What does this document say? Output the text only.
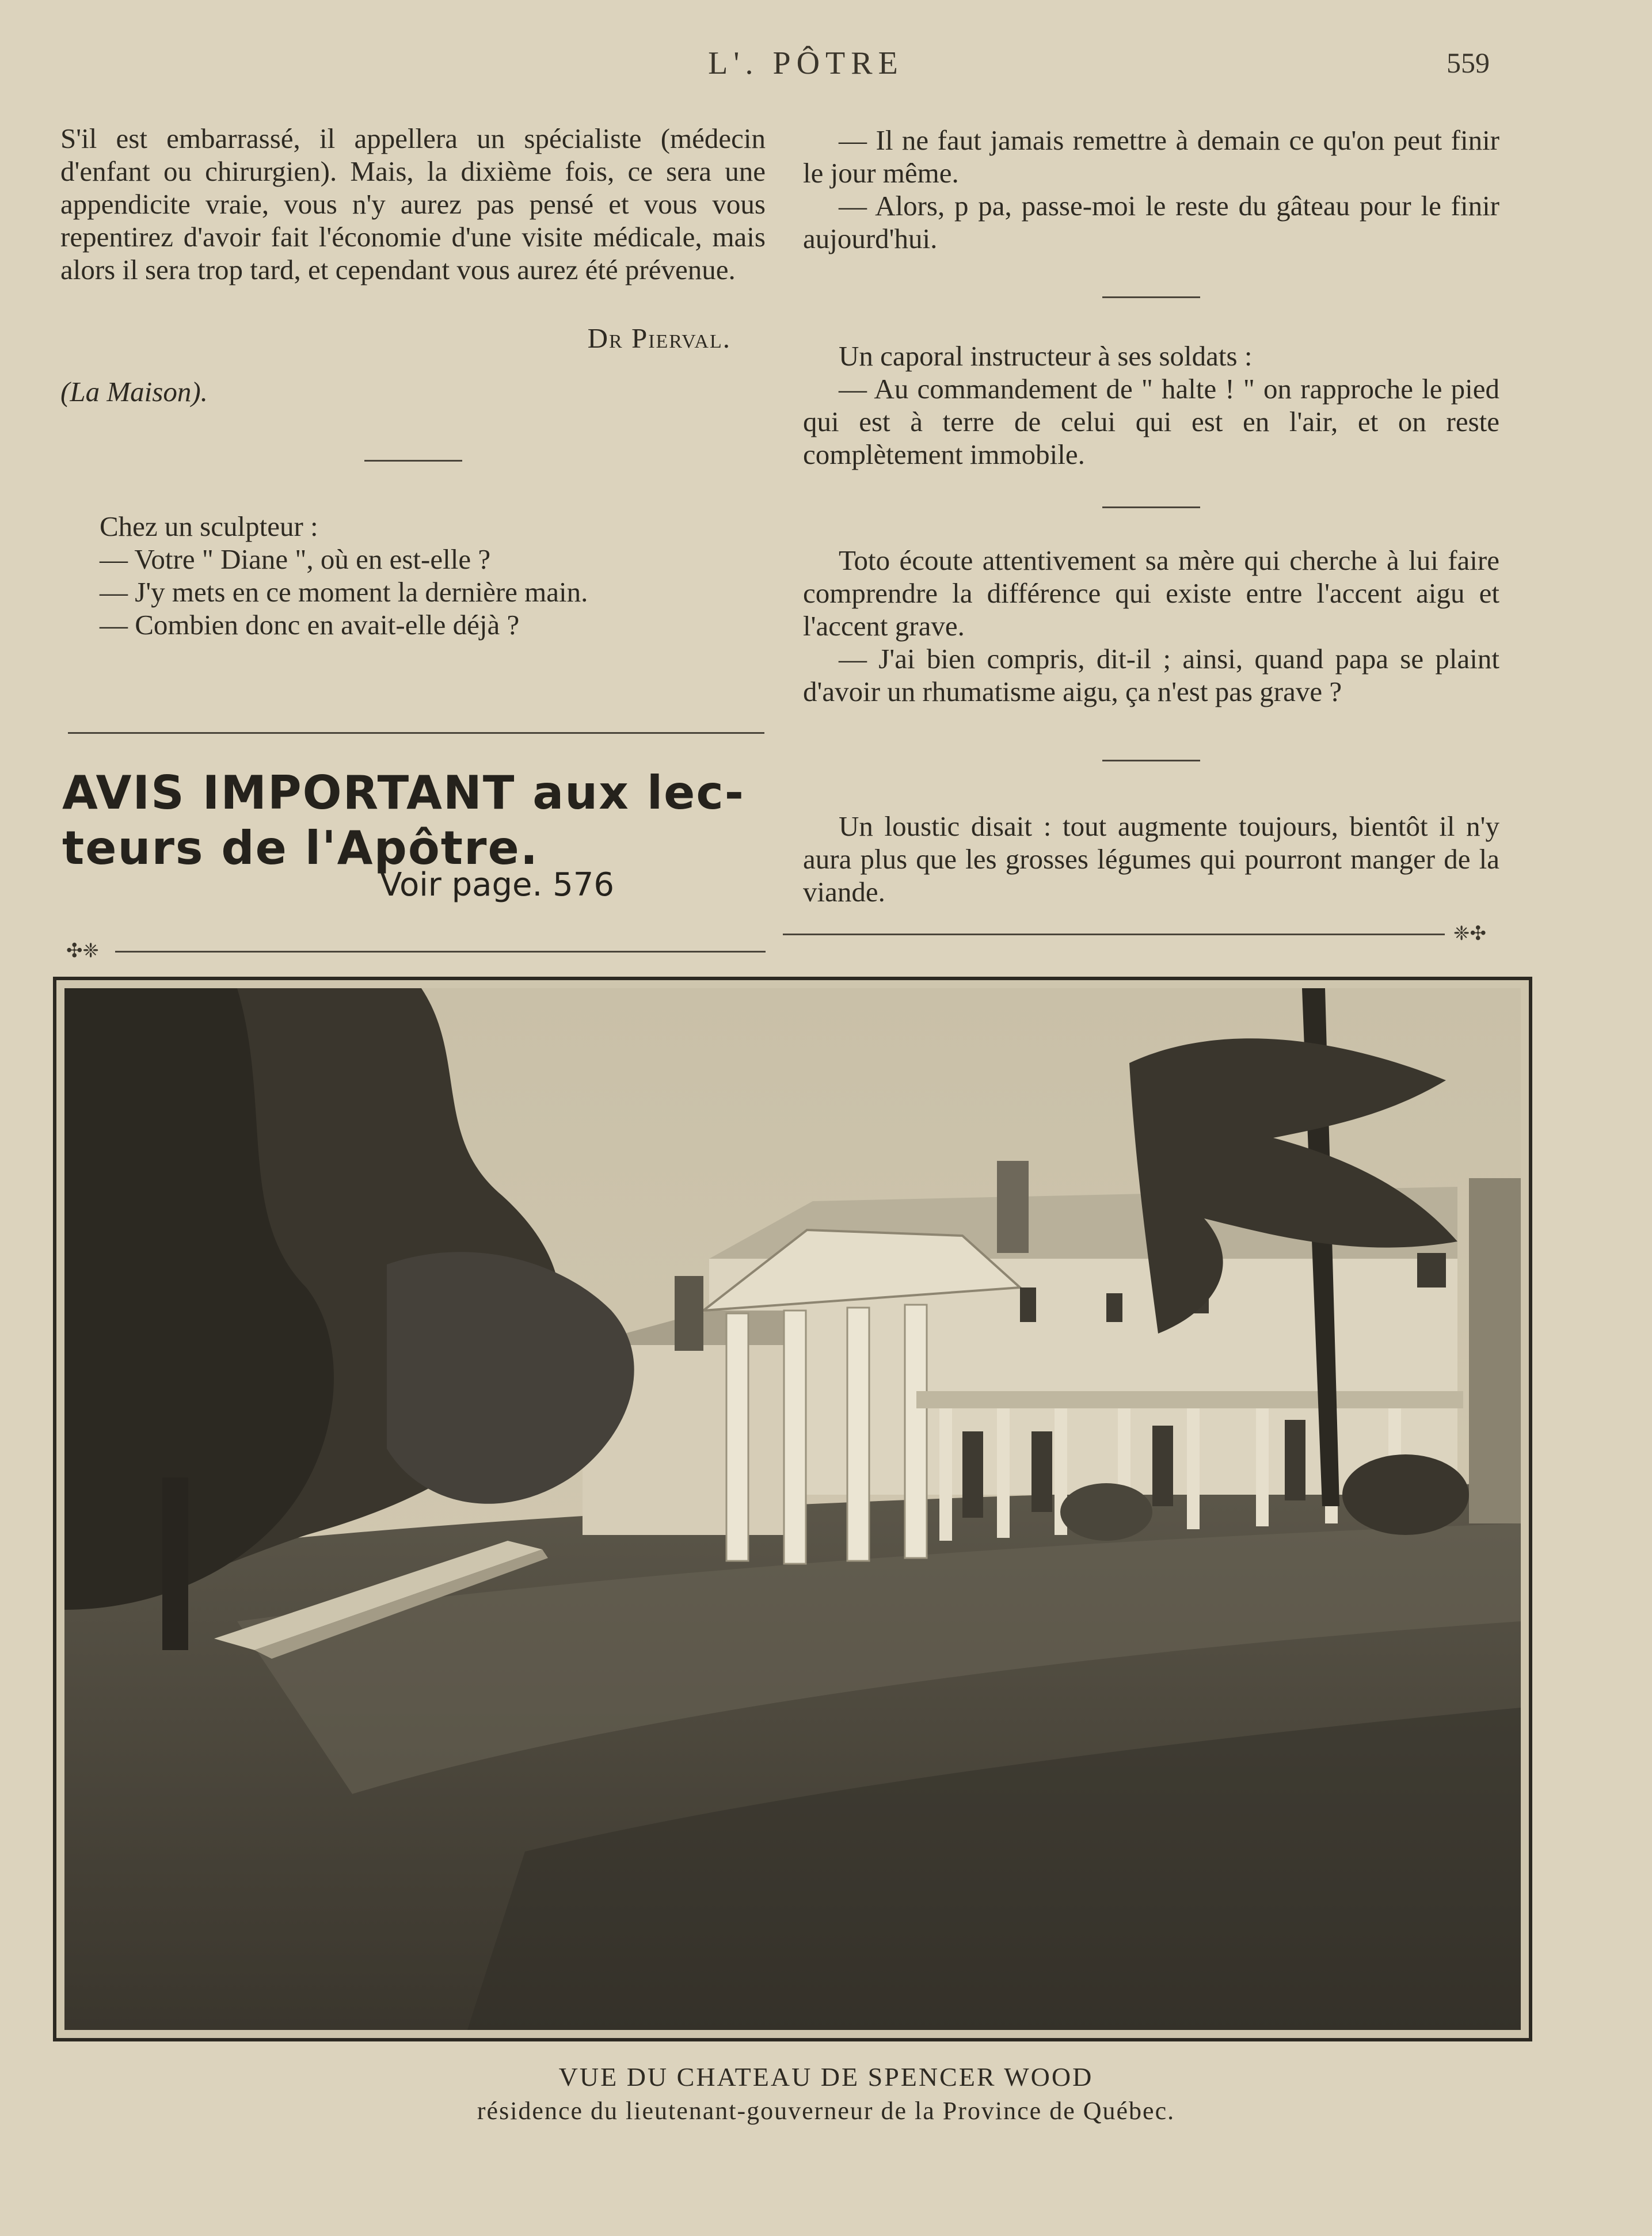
L'. PÔTRE	559

S'il est embarrassé, il appellera un spécialiste (médecin d'enfant ou chirurgien). Mais, la dixième fois, ce sera une appendicite vraie, vous n'y aurez pas pensé et vous vous repentirez d'avoir fait l'économie d'une visite médicale, mais alors il sera trop tard, et cependant vous aurez été prévenue.

Dr Pierval.

(La Maison).

Chez un sculpteur :

— Votre " Diane ", où en est-elle ?

— J'y mets en ce moment la dernière main.

— Combien donc en avait-elle déjà ?

AVIS IMPORTANT aux lec-
teurs de l'Apôtre.
Voir page. 576

— Il ne faut jamais remettre à demain ce qu'on peut finir le jour même.

— Alors, p pa, passe-moi le reste du gâteau pour le finir aujourd'hui.

Un caporal instructeur à ses soldats :

— Au commandement de " halte ! " on rapproche le pied qui est à terre de celui qui est en l'air, et on reste complètement immobile.

Toto écoute attentivement sa mère qui cherche à lui faire comprendre la différence qui existe entre l'accent aigu et l'accent grave.

— J'ai bien compris, dit-il ; ainsi, quand papa se plaint d'avoir un rhumatisme aigu, ça n'est pas grave ?

Un loustic disait : tout augmente toujours, bientôt il n'y aura plus que les grosses légumes qui pourront manger de la viande.

✣❈
❈✣
VUE DU CHATEAU DE SPENCER WOOD
résidence du lieutenant-gouverneur de la Province de Québec.
